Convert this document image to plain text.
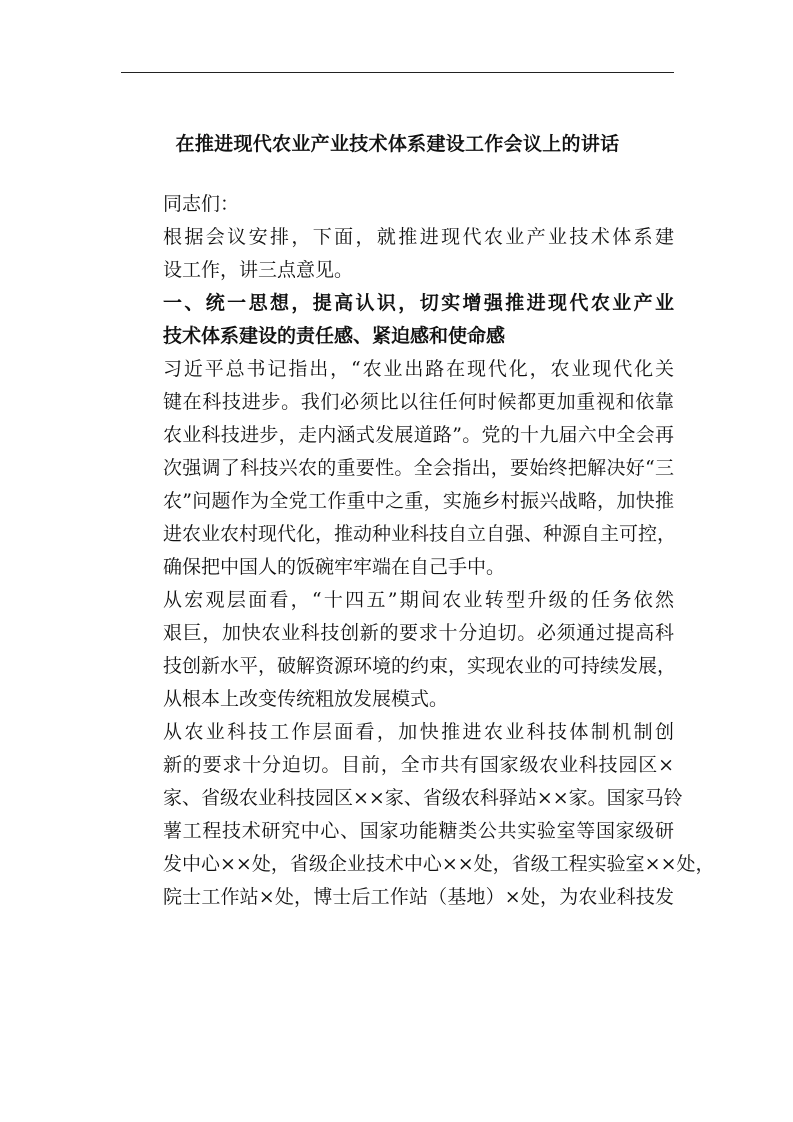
在推进现代农业产业技术体系建设工作会议上的讲话

同志们：

根据会议安排，下面，就推进现代农业产业技术体系建
设工作，讲三点意见。

一、统一思想，提高认识，切实增强推进现代农业产业
技术体系建设的责任感、紧迫感和使命感

习近平总书记指出，“农业出路在现代化，农业现代化关
键在科技进步。我们必须比以往任何时候都更加重视和依靠
农业科技进步，走内涵式发展道路”。党的十九届六中全会再
次强调了科技兴农的重要性。全会指出，要始终把解决好“三
农”问题作为全党工作重中之重，实施乡村振兴战略，加快推
进农业农村现代化，推动种业科技自立自强、种源自主可控，
确保把中国人的饭碗牢牢端在自己手中。

从宏观层面看，“十四五”期间农业转型升级的任务依然
艰巨，加快农业科技创新的要求十分迫切。必须通过提高科
技创新水平，破解资源环境的约束，实现农业的可持续发展，
从根本上改变传统粗放发展模式。

从农业科技工作层面看，加快推进农业科技体制机制创
新的要求十分迫切。目前，全市共有国家级农业科技园区×
家、省级农业科技园区××家、省级农科驿站××家。国家马铃
薯工程技术研究中心、国家功能糖类公共实验室等国家级研
发中心××处，省级企业技术中心××处，省级工程实验室××处，
院士工作站×处，博士后工作站（基地）×处，为农业科技发
